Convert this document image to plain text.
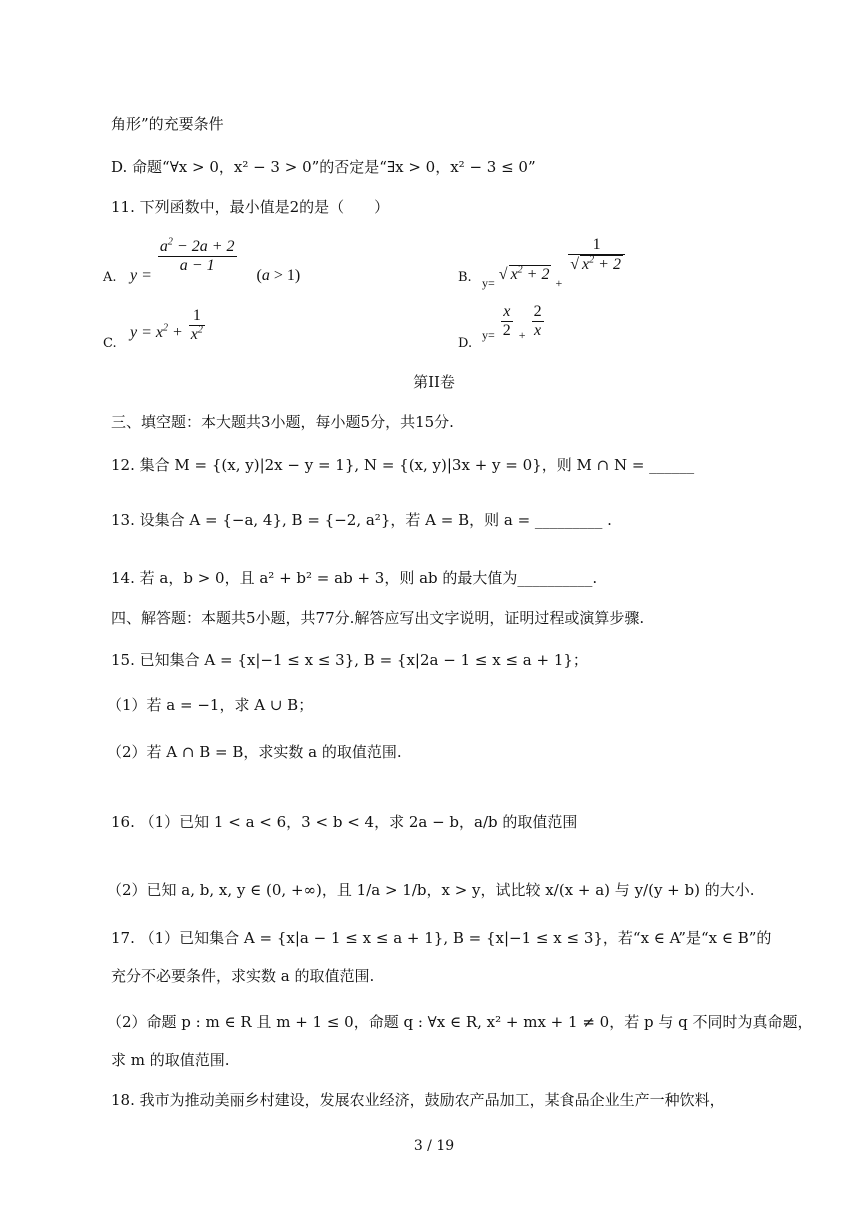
角形”的充要条件
D. 命题“∀x > 0，x² − 3 > 0”的否定是“∃x > 0，x² − 3 ≤ 0”
11. 下列函数中，最小值是2的是（　　）
A. y =
$\frac{a^2 - 2a + 2}{a - 1}$
(a > 1)	B. $_{y=}$ √ $x^2 + 2$ $_+$
$\frac{1}{√ x^2 + 2}$
C.
$y = x^2 + \frac{1}{x^2}$	D.
$_{y=} \frac{x}{2} _+ \frac{2}{x}$
第II卷
三、填空题：本大题共3小题，每小题5分，共15分.
12. 集合 M = {(x, y)|2x − y = 1}, N = {(x, y)|3x + y = 0}，则 M ∩ N = ______
13. 设集合 A = {−a, 4}, B = {−2, a²}，若 A = B，则 a = _________ .
14. 若 a，b > 0，且 a² + b² = ab + 3，则 ab 的最大值为__________.
四、解答题：本题共5小题，共77分.解答应写出文字说明，证明过程或演算步骤.
15. 已知集合 A = {x|−1 ≤ x ≤ 3}, B = {x|2a − 1 ≤ x ≤ a + 1}；
（1）若 a = −1，求 A ∪ B；
（2）若 A ∩ B = B，求实数 a 的取值范围.
16. （1）已知 1 < a < 6，3 < b < 4，求 2a − b，a/b 的取值范围
（2）已知 a, b, x, y ∈ (0, +∞)，且 1/a > 1/b，x > y，试比较 x/(x + a) 与 y/(y + b) 的大小.
17. （1）已知集合 A = {x|a − 1 ≤ x ≤ a + 1}, B = {x|−1 ≤ x ≤ 3}，若“x ∈ A”是“x ∈ B”的
充分不必要条件，求实数 a 的取值范围.
（2）命题 p : m ∈ R 且 m + 1 ≤ 0，命题 q : ∀x ∈ R, x² + mx + 1 ≠ 0，若 p 与 q 不同时为真命题，
求 m 的取值范围.
18. 我市为推动美丽乡村建设，发展农业经济，鼓励农产品加工，某食品企业生产一种饮料，
3 / 19
